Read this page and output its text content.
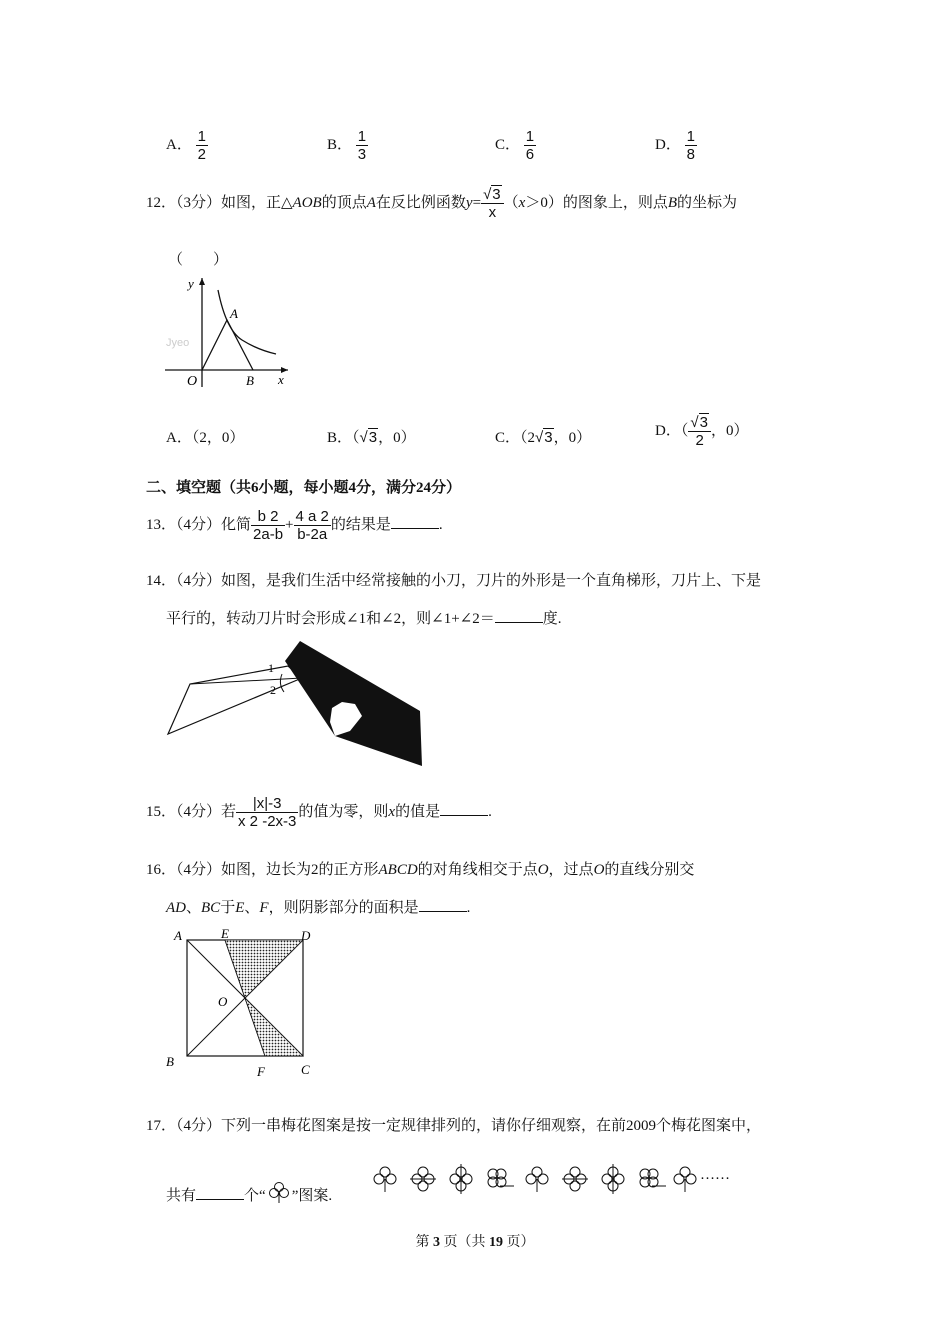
A． $\frac{1}{2}$	B． $\frac{1}{3}$	C． $\frac{1}{6}$	D． $\frac{1}{8}$
12．（3分）如图，正△AOB的顶点A在反比例函数$y= \frac{√3}{x} (x>0)$的图象上，则点B的坐标为
（　　）
y
A
O	B x
Jyeo
A．（2，0）	B．（√3，0）	C．（2√3，0）	D．（ $\frac{√3}{2}$ ，0）
二、填空题（共6小题，每小题4分，满分24分）
13．（4分）化简 $\frac{b 2}{2a-b} + \frac{4 a 2}{b-2a}$ 的结果是	.
14．（4分）如图，是我们生活中经常接触的小刀，刀片的外形是一个直角梯形，刀片上、下是
平行的，转动刀片时会形成∠1和∠2，则∠1+∠2＝	度.
1
2
15．（4分）若 $\frac{|x|-3}{x 2 -2x-3}$ 的值为零，则x的值是	.
16．（4分）如图，边长为2的正方形ABCD的对角线相交于点O，过点O的直线分别交
AD、BC于E、F，则阴影部分的面积是	.
A	E	D
O
B
F	C
17．（4分）下列一串梅花图案是按一定规律排列的，请你仔细观察，在前2009个梅花图案中，
共有	个“ ”图案.
……
第 3 页（共 19 页）
